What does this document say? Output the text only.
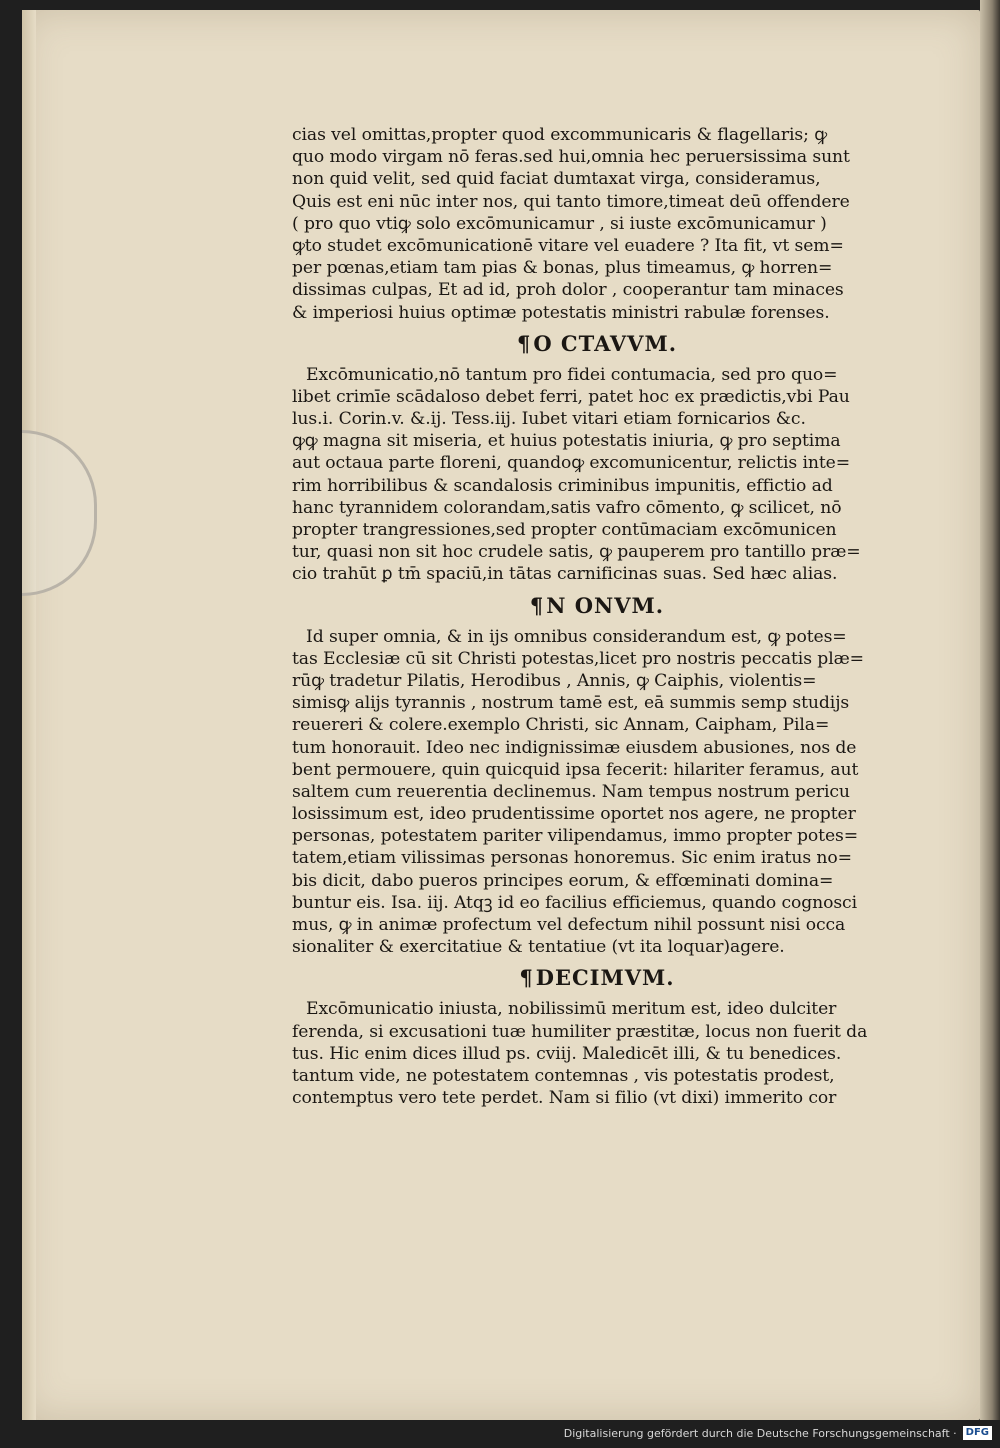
cias vel omittas,propter quod excommunicaris & flagellaris; ꝙ
quo modo virgam nō feras.sed hui,omnia hec peruersissima sunt
non quid velit, sed quid faciat dumtaxat virga, consideramus,
Quis est eni nūc inter nos, qui tanto timore,timeat deū offendere
( pro quo vtiꝙ solo excōmunicamur , si iuste excōmunicamur )
ꝙto studet excōmunicationē vitare vel euadere ? Ita fit, vt sem=
per pœnas,etiam tam pias & bonas, plus timeamus, ꝙ horren=
dissimas culpas, Et ad id, proh dolor , cooperantur tam minaces
& imperiosi huius optimæ potestatis ministri rabulæ forenses.
¶O CTAVVM.
Excōmunicatio,nō tantum pro fidei contumacia, sed pro quo=
libet crimīe scādaloso debet ferri, patet hoc ex prædictis,vbi Pau
lus.i. Corin.v. &.ij. Tess.iij. Iubet vitari etiam fornicarios &c.
ꝙꝙ magna sit miseria, et huius potestatis iniuria, ꝙ pro septima
aut octaua parte floreni, quandoꝙ excomunicentur, relictis inte=
rim horribilibus & scandalosis criminibus impunitis, effictio ad
hanc tyrannidem colorandam,satis vafro cōmento, ꝙ scilicet, nō
propter trangressiones,sed propter contūmaciam excōmunicen
tur, quasi non sit hoc crudele satis, ꝙ pauperem pro tantillo præ=
cio trahūt ꝑ tm̄ spaciū,in tātas carnificinas suas. Sed hæc alias.
¶N ONVM.
Id super omnia, & in ijs omnibus considerandum est, ꝙ potes=
tas Ecclesiæ cū sit Christi potestas,licet pro nostris peccatis plæ=
rūꝙ tradetur Pilatis, Herodibus , Annis, ꝙ Caiphis, violentis=
simisꝙ alijs tyrannis , nostrum tamē est, eā summis semp studijs
reuereri & colere.exemplo Christi, sic Annam, Caipham, Pila=
tum honorauit. Ideo nec indignissimæ eiusdem abusiones, nos de
bent permouere, quin quicquid ipsa fecerit: hilariter feramus, aut
saltem cum reuerentia declinemus. Nam tempus nostrum pericu
losissimum est, ideo prudentissime oportet nos agere, ne propter
personas, potestatem pariter vilipendamus, immo propter potes=
tatem,etiam vilissimas personas honoremus. Sic enim iratus no=
bis dicit, dabo pueros principes eorum, & effœminati domina=
buntur eis. Isa. iij. Atqꝫ id eo facilius efficiemus, quando cognosci
mus, ꝙ in animæ profectum vel defectum nihil possunt nisi occa
sionaliter & exercitatiue & tentatiue (vt ita loquar)agere.
¶DECIMVM.
Excōmunicatio iniusta, nobilissimū meritum est, ideo dulciter
ferenda, si excusationi tuæ humiliter præstitæ, locus non fuerit da
tus. Hic enim dices illud ps. cviij. Maledicēt illi, & tu benedices.
tantum vide, ne potestatem contemnas , vis potestatis prodest,
contemptus vero tete perdet. Nam si filio (vt dixi) immerito cor
Digitalisierung gefördert durch die Deutsche Forschungsgemeinschaft · DFG
